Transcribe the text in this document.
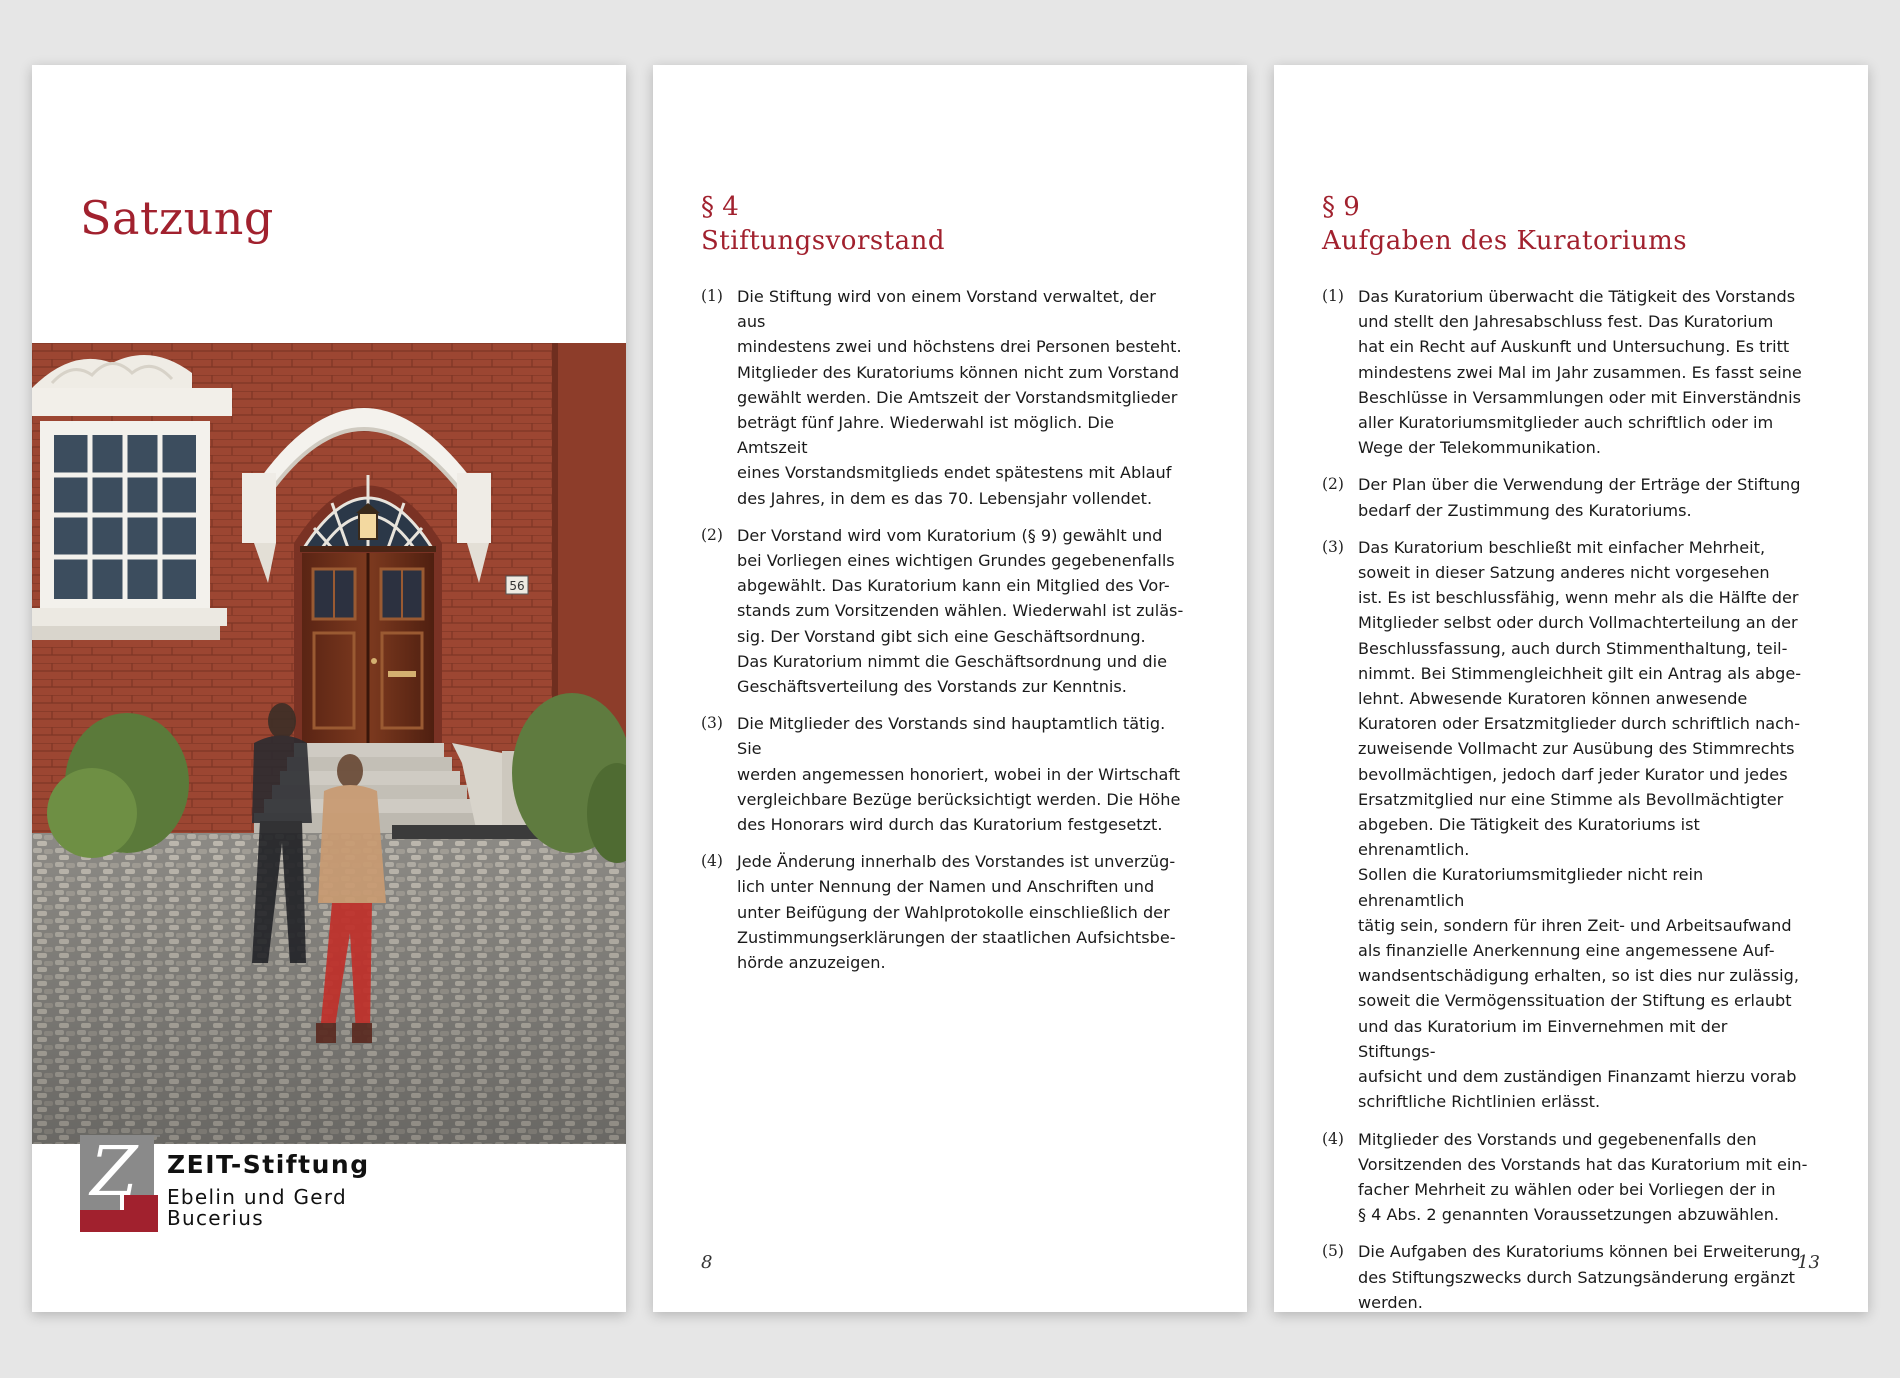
Satzung
56
Z ZEIT-Stiftung
Ebelin und Gerd
Bucerius
§ 4
Stiftungsvorstand
(1) Die Stiftung wird von einem Vorstand verwaltet, der aus
mindestens zwei und höchstens drei Personen besteht.
Mitglieder des Kuratoriums können nicht zum Vorstand
gewählt werden. Die Amtszeit der Vorstandsmitglieder
beträgt fünf Jahre. Wiederwahl ist möglich. Die Amtszeit
eines Vorstandsmitglieds endet spätestens mit Ablauf
des Jahres, in dem es das 70. Lebensjahr vollendet.

(2) Der Vorstand wird vom Kuratorium (§ 9) gewählt und
bei Vorliegen eines wichtigen Grundes gegebenenfalls
abgewählt. Das Kuratorium kann ein Mitglied des Vor-
stands zum Vorsitzenden wählen. Wiederwahl ist zuläs-
sig. Der Vorstand gibt sich eine Geschäftsordnung.
Das Kuratorium nimmt die Geschäftsordnung und die
Geschäftsverteilung des Vorstands zur Kenntnis.

(3) Die Mitglieder des Vorstands sind hauptamtlich tätig. Sie
werden angemessen honoriert, wobei in der Wirtschaft
vergleichbare Bezüge berücksichtigt werden. Die Höhe
des Honorars wird durch das Kuratorium festgesetzt.

(4) Jede Änderung innerhalb des Vorstandes ist unverzüg-
lich unter Nennung der Namen und Anschriften und
unter Beifügung der Wahlprotokolle einschließlich der
Zustimmungserklärungen der staatlichen Aufsichtsbe-
hörde anzuzeigen.

8
§ 9
Aufgaben des Kuratoriums
(1) Das Kuratorium überwacht die Tätigkeit des Vorstands
und stellt den Jahresabschluss fest. Das Kuratorium
hat ein Recht auf Auskunft und Untersuchung. Es tritt
mindestens zwei Mal im Jahr zusammen. Es fasst seine
Beschlüsse in Versammlungen oder mit Einverständnis
aller Kuratoriumsmitglieder auch schriftlich oder im
Wege der Telekommunikation.

(2) Der Plan über die Verwendung der Erträge der Stiftung
bedarf der Zustimmung des Kuratoriums.

(3) Das Kuratorium beschließt mit einfacher Mehrheit,
soweit in dieser Satzung anderes nicht vorgesehen
ist. Es ist beschlussfähig, wenn mehr als die Hälfte der
Mitglieder selbst oder durch Vollmachterteilung an der
Beschlussfassung, auch durch Stimmenthaltung, teil-
nimmt. Bei Stimmengleichheit gilt ein Antrag als abge-
lehnt. Abwesende Kuratoren können anwesende
Kuratoren oder Ersatzmitglieder durch schriftlich nach-
zuweisende Vollmacht zur Ausübung des Stimmrechts
bevollmächtigen, jedoch darf jeder Kurator und jedes
Ersatzmitglied nur eine Stimme als Bevollmächtigter
abgeben. Die Tätigkeit des Kuratoriums ist ehrenamtlich.
Sollen die Kuratoriumsmitglieder nicht rein ehrenamtlich
tätig sein, sondern für ihren Zeit- und Arbeitsaufwand
als finanzielle Anerkennung eine angemessene Auf-
wandsentschädigung erhalten, so ist dies nur zulässig,
soweit die Vermögenssituation der Stiftung es erlaubt
und das Kuratorium im Einvernehmen mit der Stiftungs-
aufsicht und dem zuständigen Finanzamt hierzu vorab
schriftliche Richtlinien erlässt.

(4) Mitglieder des Vorstands und gegebenenfalls den
Vorsitzenden des Vorstands hat das Kuratorium mit ein-
facher Mehrheit zu wählen oder bei Vorliegen der in
§ 4 Abs. 2 genannten Voraussetzungen abzuwählen.

(5) Die Aufgaben des Kuratoriums können bei Erweiterung
des Stiftungszwecks durch Satzungsänderung ergänzt
werden.

13
